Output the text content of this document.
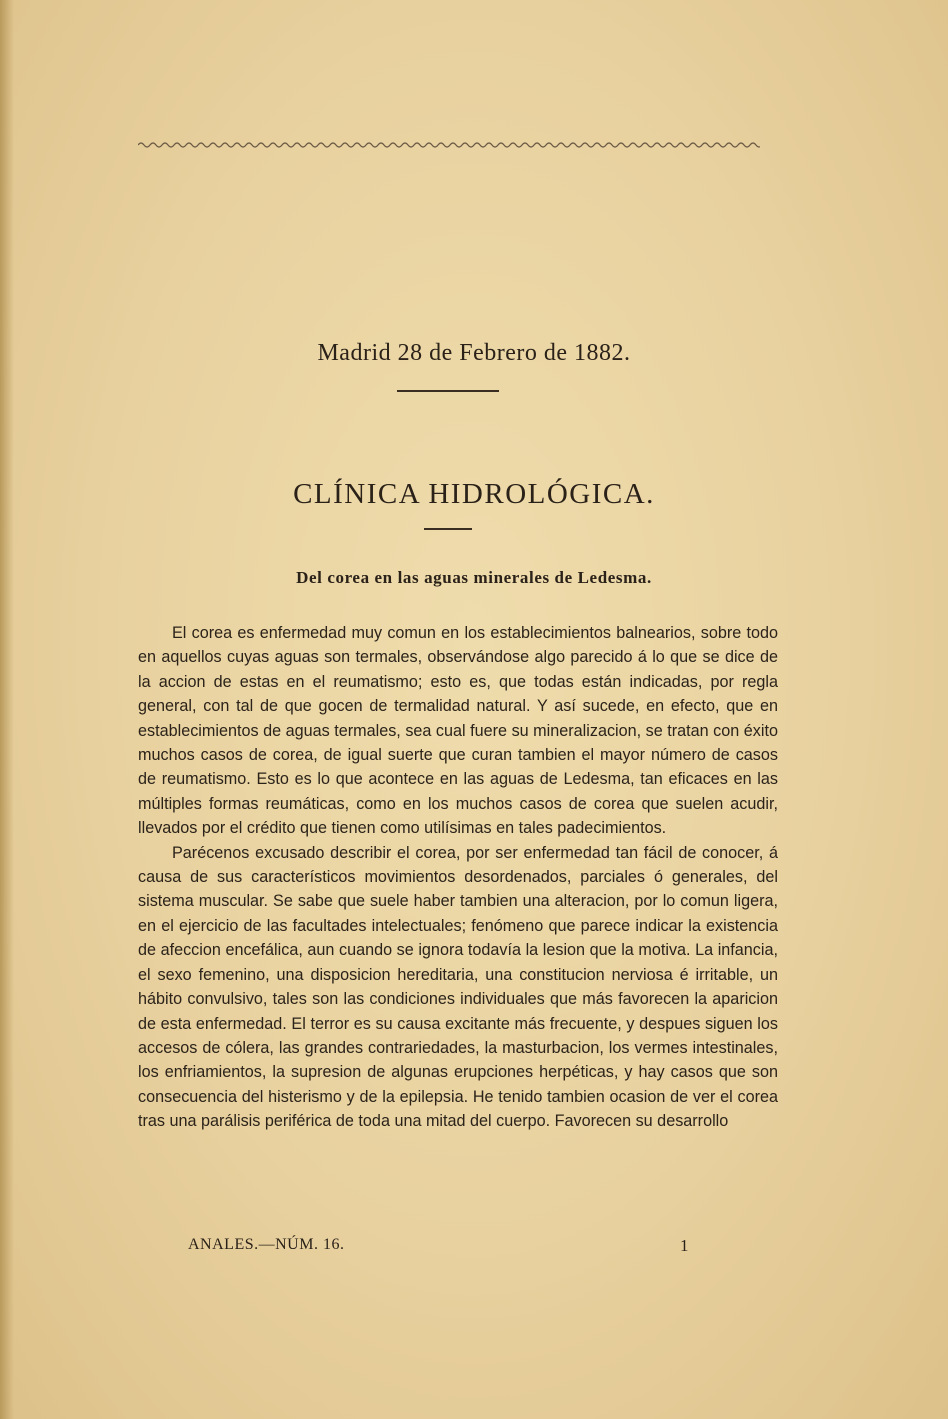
Madrid 28 de Febrero de 1882.
CLÍNICA HIDROLÓGICA.
Del corea en las aguas minerales de Ledesma.

El corea es enfermedad muy comun en los establecimientos balnearios, sobre todo en aquellos cuyas aguas son termales, observándose algo parecido á lo que se dice de la accion de estas en el reumatismo; esto es, que todas están indicadas, por regla general, con tal de que gocen de termalidad natural. Y así sucede, en efecto, que en establecimientos de aguas termales, sea cual fuere su mineralizacion, se tratan con éxito muchos casos de corea, de igual suerte que curan tambien el mayor número de casos de reumatismo. Esto es lo que acontece en las aguas de Ledesma, tan eficaces en las múltiples formas reumáticas, como en los muchos casos de corea que suelen acudir, llevados por el crédito que tienen como utilísimas en tales padecimientos.

Parécenos excusado describir el corea, por ser enfermedad tan fácil de conocer, á causa de sus característicos movimientos desordenados, parciales ó generales, del sistema muscular. Se sabe que suele haber tambien una alteracion, por lo comun ligera, en el ejercicio de las facultades intelectuales; fenómeno que parece indicar la existencia de afeccion encefálica, aun cuando se ignora todavía la lesion que la motiva. La infancia, el sexo femenino, una disposicion hereditaria, una constitucion nerviosa é irritable, un hábito convulsivo, tales son las condiciones individuales que más favorecen la aparicion de esta enfermedad. El terror es su causa excitante más frecuente, y despues siguen los accesos de cólera, las grandes contrariedades, la masturbacion, los vermes intestinales, los enfriamientos, la supresion de algunas erupciones herpéticas, y hay casos que son consecuencia del histerismo y de la epilepsia. He tenido tambien ocasion de ver el corea tras una parálisis periférica de toda una mitad del cuerpo. Favorecen su desarrollo

ANALES.—NÚM. 16.	1
